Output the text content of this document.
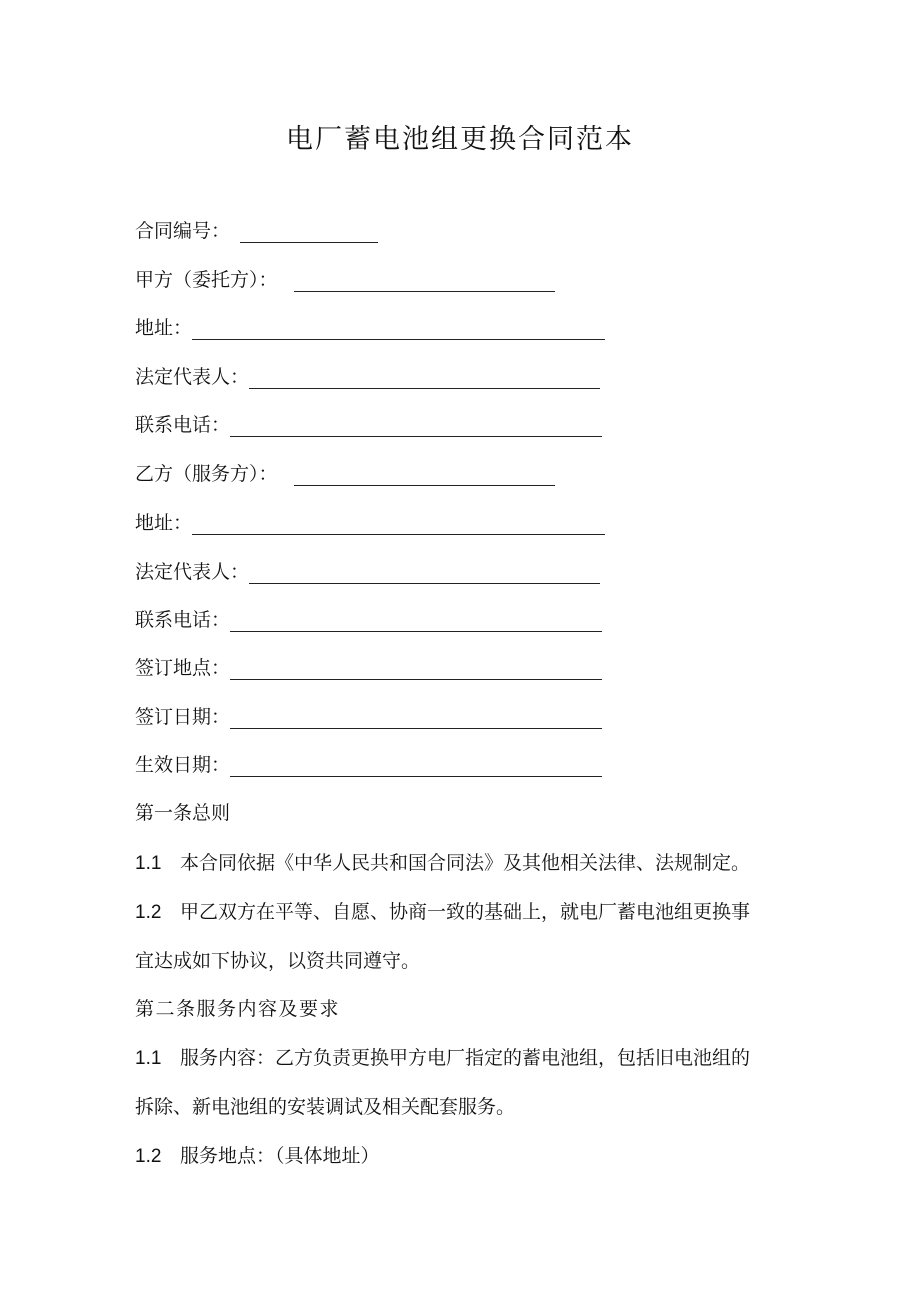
电厂蓄电池组更换合同范本
合同编号：
甲方（委托方）：
地址：
法定代表人：
联系电话：
乙方（服务方）：
地址：
法定代表人：
联系电话：
签订地点：
签订日期：
生效日期：
第一条总则
1.1 本合同依据《中华人民共和国合同法》及其他相关法律、法规制定。
1.2 甲乙双方在平等、自愿、协商一致的基础上，就电厂蓄电池组更换事
宜达成如下协议，以资共同遵守。
第二条服务内容及要求
1.1 服务内容：乙方负责更换甲方电厂指定的蓄电池组，包括旧电池组的
拆除、新电池组的安装调试及相关配套服务。
1.2 服务地点：（具体地址）
